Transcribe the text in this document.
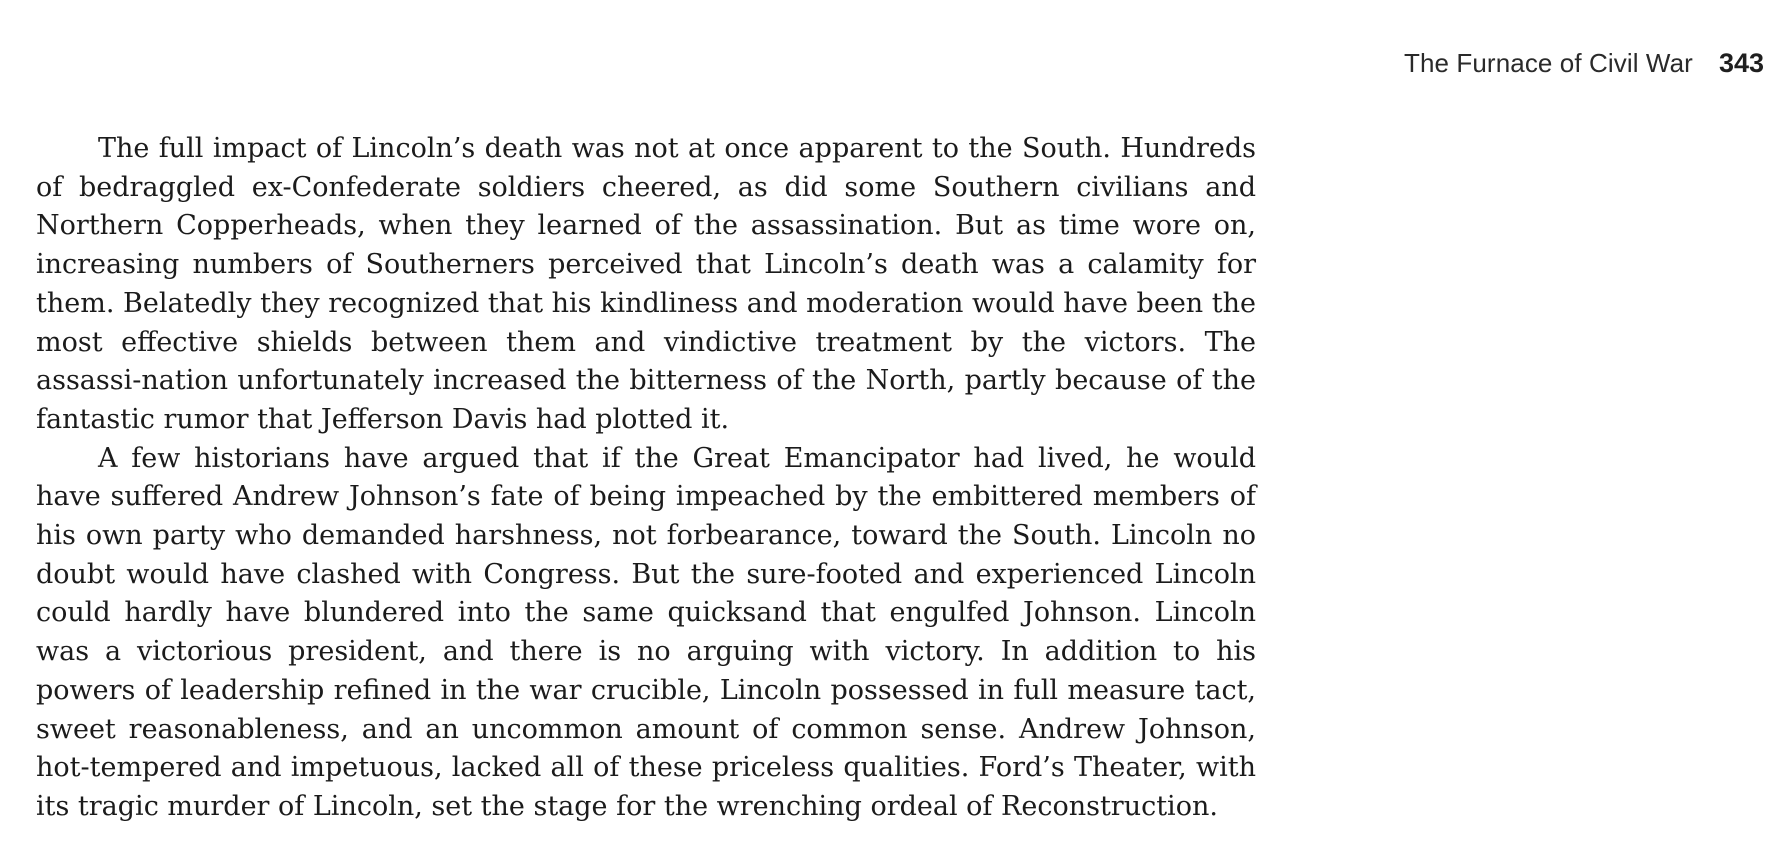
The Furnace of Civil War 343

The full impact of Lincoln’s death was not at once apparent to the South. Hundreds of bedraggled ex-Confederate soldiers cheered, as did some Southern civilians and Northern Copperheads, when they learned of the assassination. But as time wore on, increasing numbers of Southerners perceived that Lincoln’s death was a calamity for them. Belatedly they recognized that his kindliness and moderation would have been the most effective shields between them and vindictive treatment by the victors. The assassi-nation unfortunately increased the bitterness of the North, partly because of the fantastic rumor that Jefferson Davis had plotted it.

A few historians have argued that if the Great Emancipator had lived, he would have suffered Andrew Johnson’s fate of being impeached by the embittered members of his own party who demanded harshness, not forbearance, toward the South. Lincoln no doubt would have clashed with Congress. But the sure-footed and experienced Lincoln could hardly have blundered into the same quicksand that engulfed Johnson. Lincoln was a victorious president, and there is no arguing with victory. In addition to his powers of leadership refined in the war crucible, Lincoln possessed in full measure tact, sweet reasonableness, and an uncommon amount of common sense. Andrew Johnson, hot-tempered and impetuous, lacked all of these priceless qualities. Ford’s Theater, with its tragic murder of Lincoln, set the stage for the wrenching ordeal of Reconstruction.
